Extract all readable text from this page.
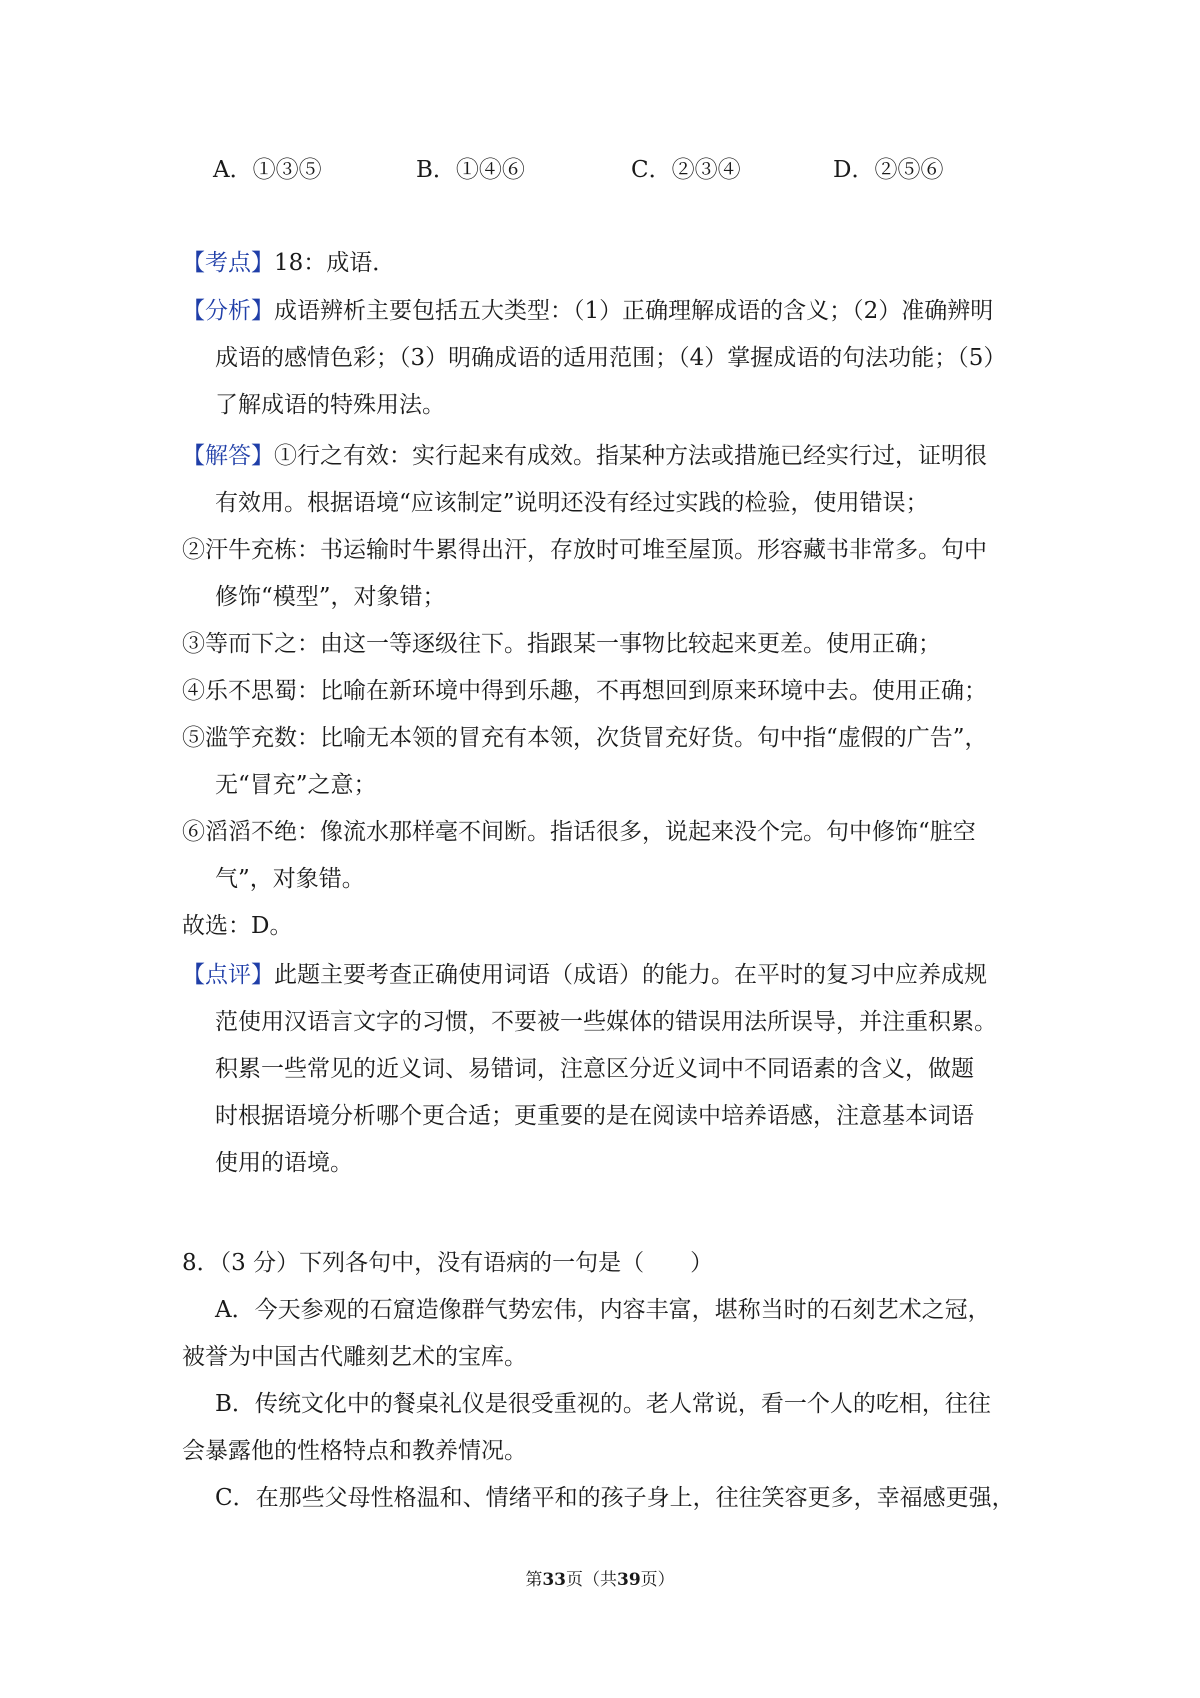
A．①③⑤	B．①④⑥	C．②③④	D．②⑤⑥
【考点】18：成语．
【分析】成语辨析主要包括五大类型：（1）正确理解成语的含义；（2）准确辨明
成语的感情色彩；（3）明确成语的适用范围；（4）掌握成语的句法功能；（5）
了解成语的特殊用法。
【解答】①行之有效：实行起来有成效。指某种方法或措施已经实行过，证明很
有效用。根据语境“应该制定”说明还没有经过实践的检验，使用错误；
②汗牛充栋：书运输时牛累得出汗，存放时可堆至屋顶。形容藏书非常多。句中
修饰“模型”，对象错；
③等而下之：由这一等逐级往下。指跟某一事物比较起来更差。使用正确；
④乐不思蜀：比喻在新环境中得到乐趣，不再想回到原来环境中去。使用正确；
⑤滥竽充数：比喻无本领的冒充有本领，次货冒充好货。句中指“虚假的广告”，
无“冒充”之意；
⑥滔滔不绝：像流水那样毫不间断。指话很多，说起来没个完。句中修饰“脏空
气”，对象错。
故选：D。
【点评】此题主要考查正确使用词语（成语）的能力。在平时的复习中应养成规
范使用汉语言文字的习惯，不要被一些媒体的错误用法所误导，并注重积累。
积累一些常见的近义词、易错词，注意区分近义词中不同语素的含义，做题
时根据语境分析哪个更合适；更重要的是在阅读中培养语感，注意基本词语
使用的语境。
8．（3 分）下列各句中，没有语病的一句是（　　）
A．今天参观的石窟造像群气势宏伟，内容丰富，堪称当时的石刻艺术之冠，
被誉为中国古代雕刻艺术的宝库。
B．传统文化中的餐桌礼仪是很受重视的。老人常说，看一个人的吃相，往往
会暴露他的性格特点和教养情况。
C．在那些父母性格温和、情绪平和的孩子身上，往往笑容更多，幸福感更强，
第33页（共39页）
